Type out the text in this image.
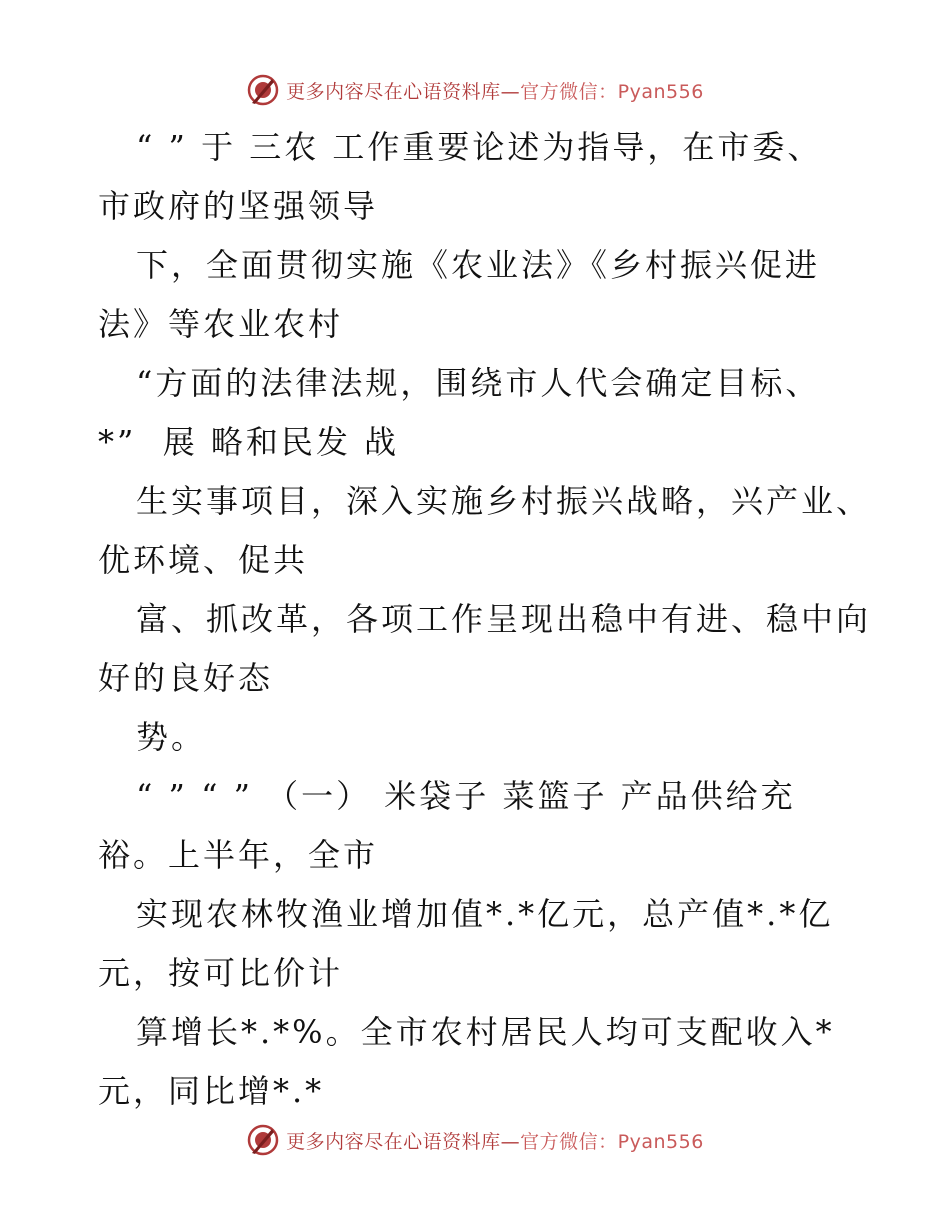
更多内容尽在心语资料库— 官方微信：Pyan556
“ ” 于 三农 工作重要论述为指导，在市委、
市政府的坚强领导
下，全面贯彻实施《农业法》《乡村振兴促进
法》等农业农村
“方面的法律法规，围绕市人代会确定目标、
*”  展 略和民发 战
生实事项目，深入实施乡村振兴战略，兴产业、
优环境、促共
富、抓改革，各项工作呈现出稳中有进、稳中向
好的良好态
势。
“ ” “ ” （一） 米袋子 菜篮子 产品供给充
裕。上半年，全市
实现农林牧渔业增加值*.*亿元，总产值*.*亿
元，按可比价计
算增长*.*%。全市农村居民人均可支配收入*
元，同比增*.*
更多内容尽在心语资料库— 官方微信：Pyan556
